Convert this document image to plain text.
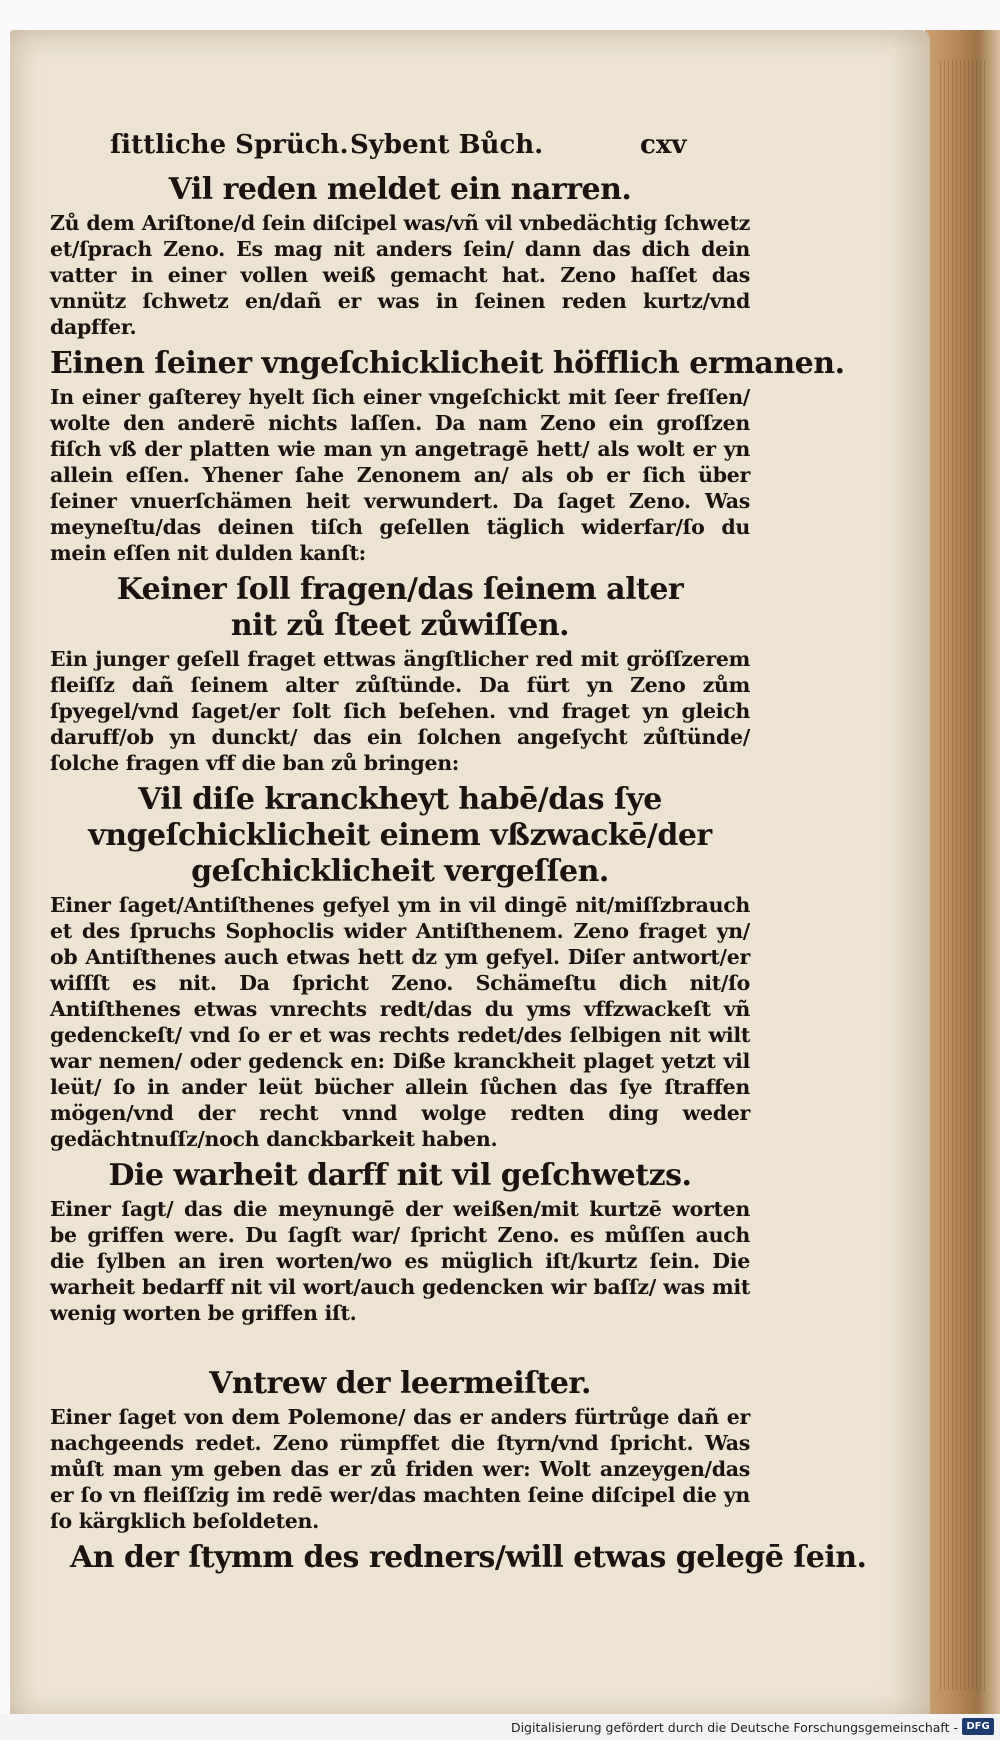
ſittliche Sprüch. Sybent Bůch.	cxv
Vil reden meldet ein narren.

Zů dem Ariſtone/d ſein diſcipel was/vñ vil vnbedächtig ſchwetz et/ſprach Zeno. Es mag nit anders ſein/ dann das dich dein vatter in einer vollen weiß gemacht hat. Zeno haſſet das vnnütz ſchwetz en/dañ er was in ſeinen reden kurtz/vnd dapffer.

Einen ſeiner vngeſchicklicheit höfflich ermanen.

In einer gaſterey hyelt ſich einer vngeſchickt mit ſeer freſſen/ wolte den anderē nichts laſſen. Da nam Zeno ein groſſzen fiſch vß der platten wie man yn angetragē hett/ als wolt er yn allein eſſen. Yhener ſahe Zenonem an/ als ob er ſich über ſeiner vnuerſchämen heit verwundert. Da ſaget Zeno. Was meyneſtu/das deinen tiſch geſellen täglich widerfar/ſo du mein eſſen nit dulden kanſt:

Keiner ſoll fragen/das ſeinem alter nit zů ſteet zůwiſſen.

Ein junger geſell fraget ettwas ängſtlicher red mit gröſſzerem fleiſſz dañ ſeinem alter zůſtünde. Da fürt yn Zeno zům ſpyegel/vnd ſaget/er ſolt ſich beſehen. vnd fraget yn gleich daruff/ob yn dunckt/ das ein ſolchen angeſycht zůſtünde/ ſolche fragen vff die ban zů bringen:

Vil diſe kranckheyt habē/das ſye vngeſchicklicheit einem vßzwackē/der geſchicklicheit vergeſſen.

Einer ſaget/Antiſthenes gefyel ym in vil dingē nit/miſſzbrauch et des ſpruchs Sophoclis wider Antiſthenem. Zeno fraget yn/ ob Antiſthenes auch etwas hett dz ym gefyel. Diſer antwort/er wiſſſt es nit. Da ſpricht Zeno. Schämeſtu dich nit/ſo Antiſthenes etwas vnrechts redt/das du yms vffzwackeſt vñ gedenckeſt/ vnd ſo er et was rechts redet/des ſelbigen nit wilt war nemen/ oder gedenck en: Diße kranckheit plaget yetzt vil leüt/ ſo in ander leüt bücher allein ſůchen das ſye ſtraffen mögen/vnd der recht vnnd wolge redten ding weder gedächtnuſſz/noch danckbarkeit haben.

Die warheit darff nit vil geſchwetzs.

Einer ſagt/ das die meynungē der weißen/mit kurtzē worten be griffen were. Du ſagſt war/ ſpricht Zeno. es můſſen auch die ſylben an iren worten/wo es müglich iſt/kurtz ſein. Die warheit bedarff nit vil wort/auch gedencken wir baſſz/ was mit wenig worten be griffen iſt.

Vntrew der leermeiſter.

Einer ſaget von dem Polemone/ das er anders fürtrůge dañ er nachgeends redet. Zeno rümpffet die ſtyrn/vnd ſpricht. Was můſt man ym geben das er zů friden wer: Wolt anzeygen/das er ſo vn fleiſſzig im redē wer/das machten ſeine diſcipel die yn ſo kärgklich beſoldeten.

An der ſtymm des redners/will etwas gelegē ſein.
Digitalisierung gefördert durch die Deutsche Forschungsgemeinschaft - DFG
